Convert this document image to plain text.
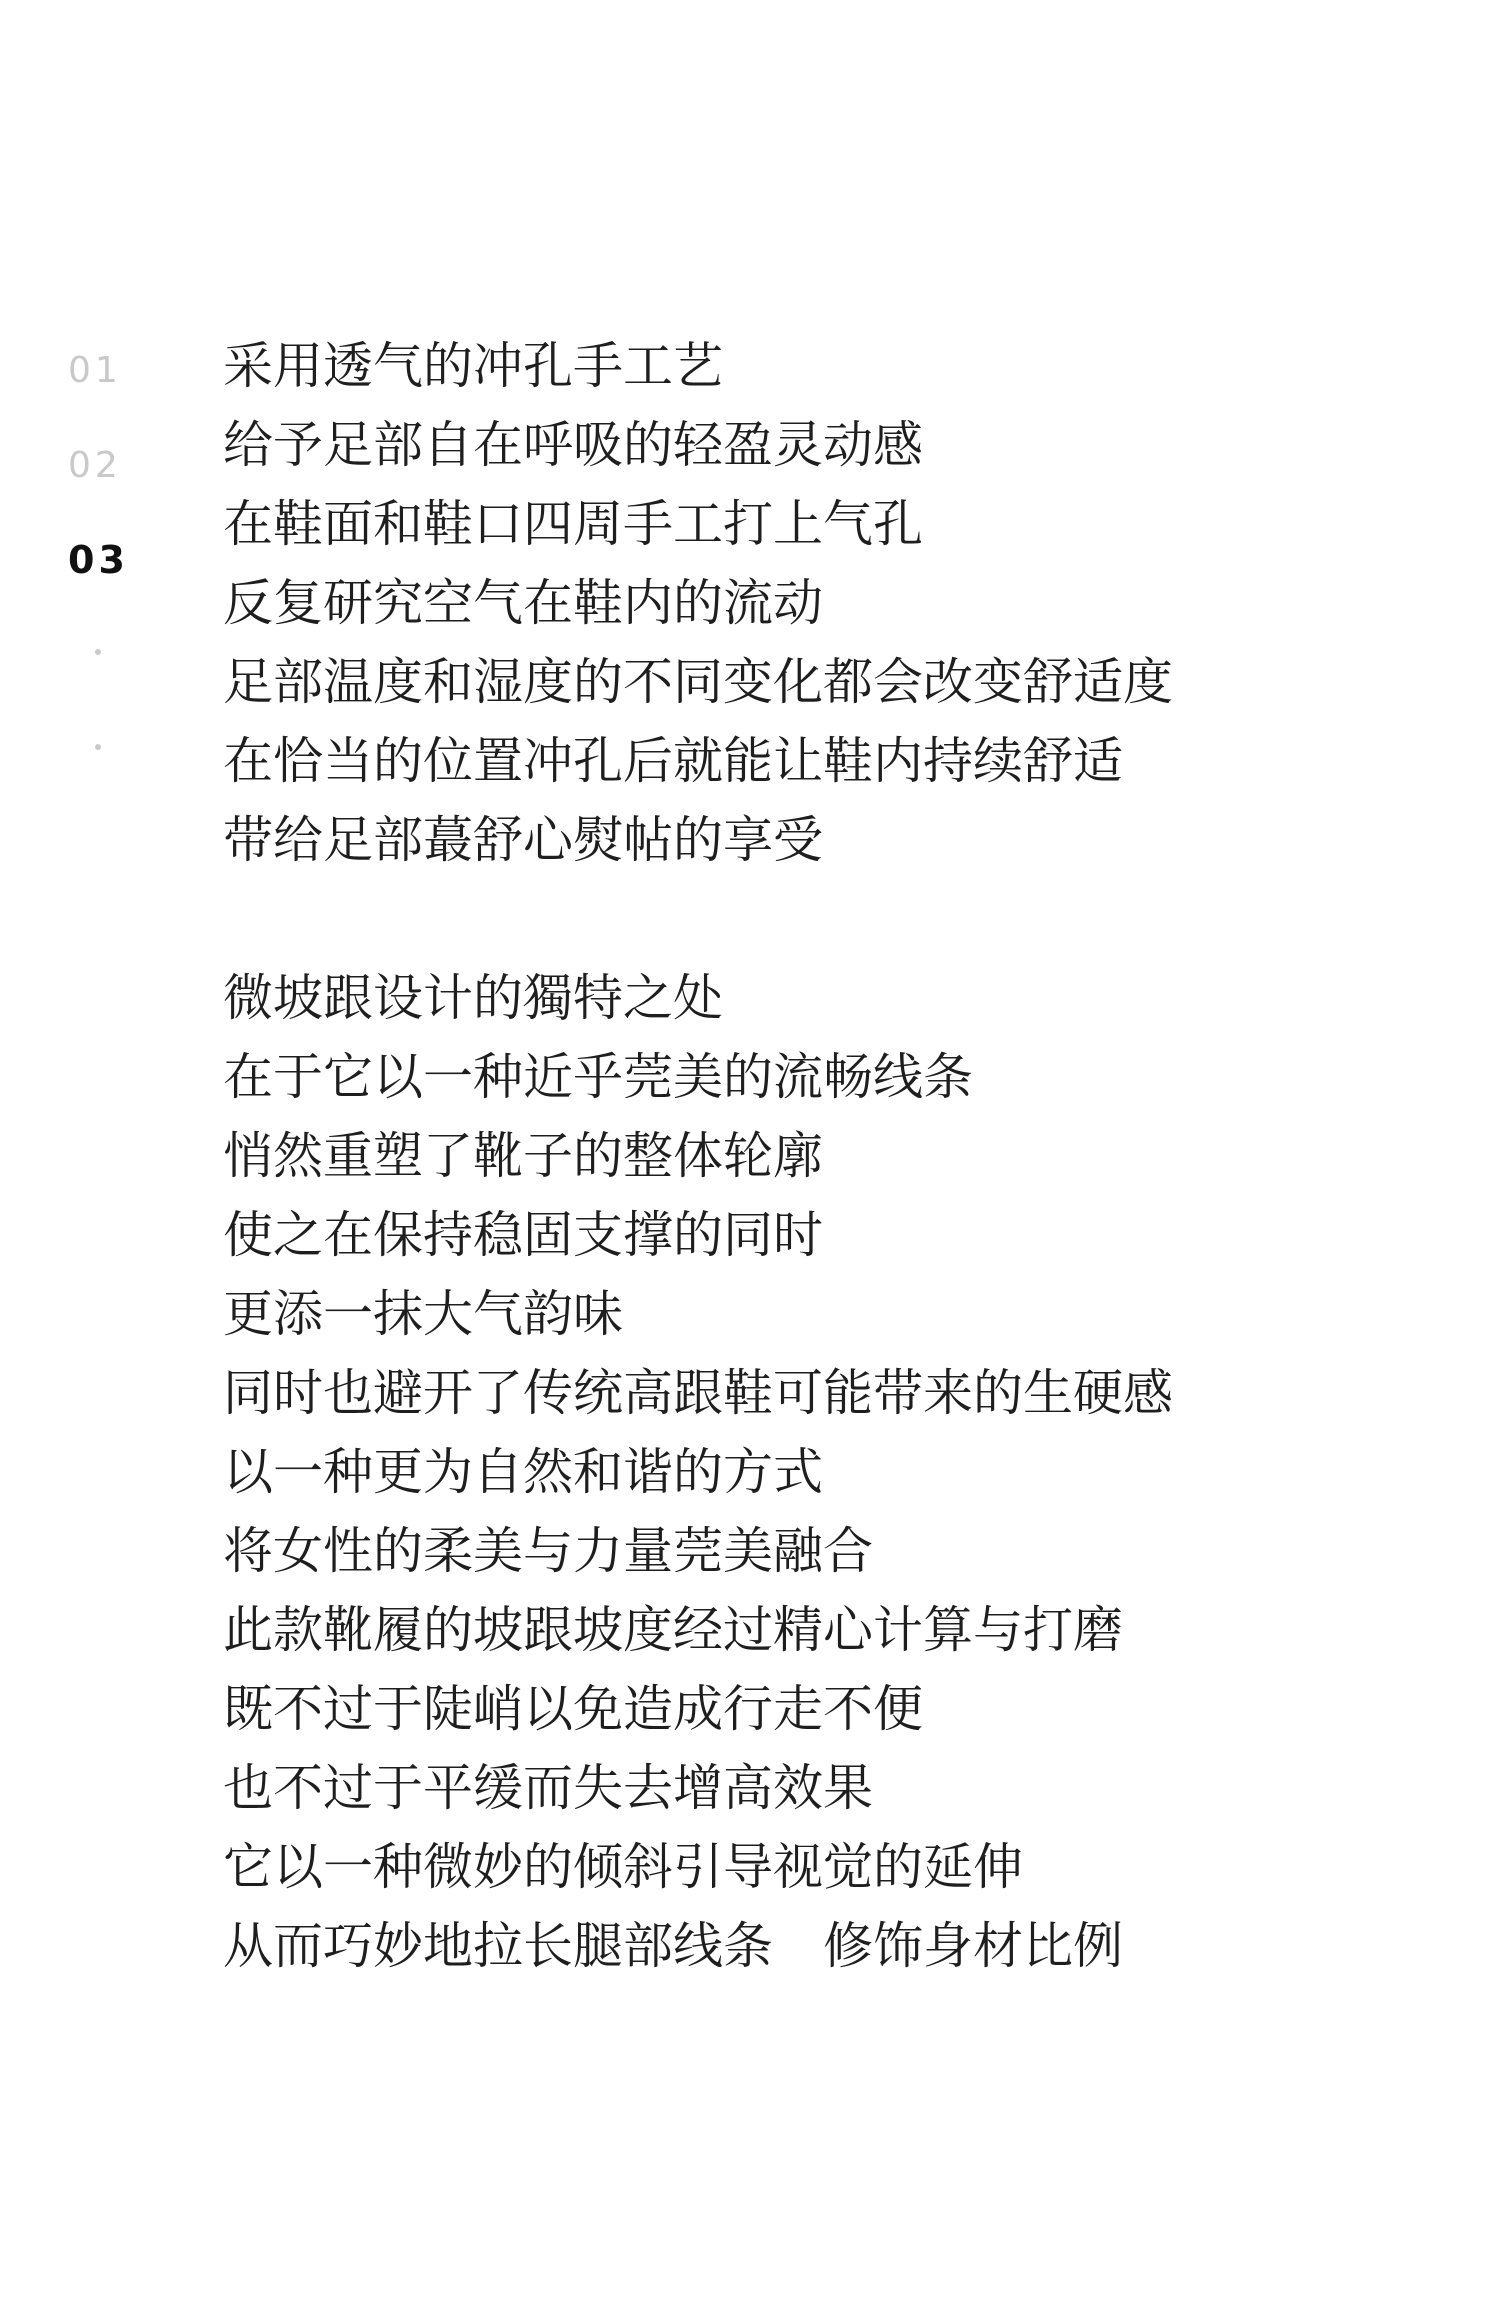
01
02
03
采用透气的冲孔手工艺
给予足部自在呼吸的轻盈灵动感
在鞋面和鞋口四周手工打上气孔
反复研究空气在鞋内的流动
足部温度和湿度的不同变化都会改变舒适度
在恰当的位置冲孔后就能让鞋内持续舒适
带给足部蕞舒心熨帖的享受
微坡跟设计的獨特之处
在于它以一种近乎莞美的流畅线条
悄然重塑了靴子的整体轮廓
使之在保持稳固支撑的同时
更添一抹大气韵味
同时也避开了传统高跟鞋可能带来的生硬感
以一种更为自然和谐的方式
将女性的柔美与力量莞美融合
此款靴履的坡跟坡度经过精心计算与打磨
既不过于陡峭以免造成行走不便
也不过于平缓而失去增高效果
它以一种微妙的倾斜引导视觉的延伸
从而巧妙地拉长腿部线条　修饰身材比例
